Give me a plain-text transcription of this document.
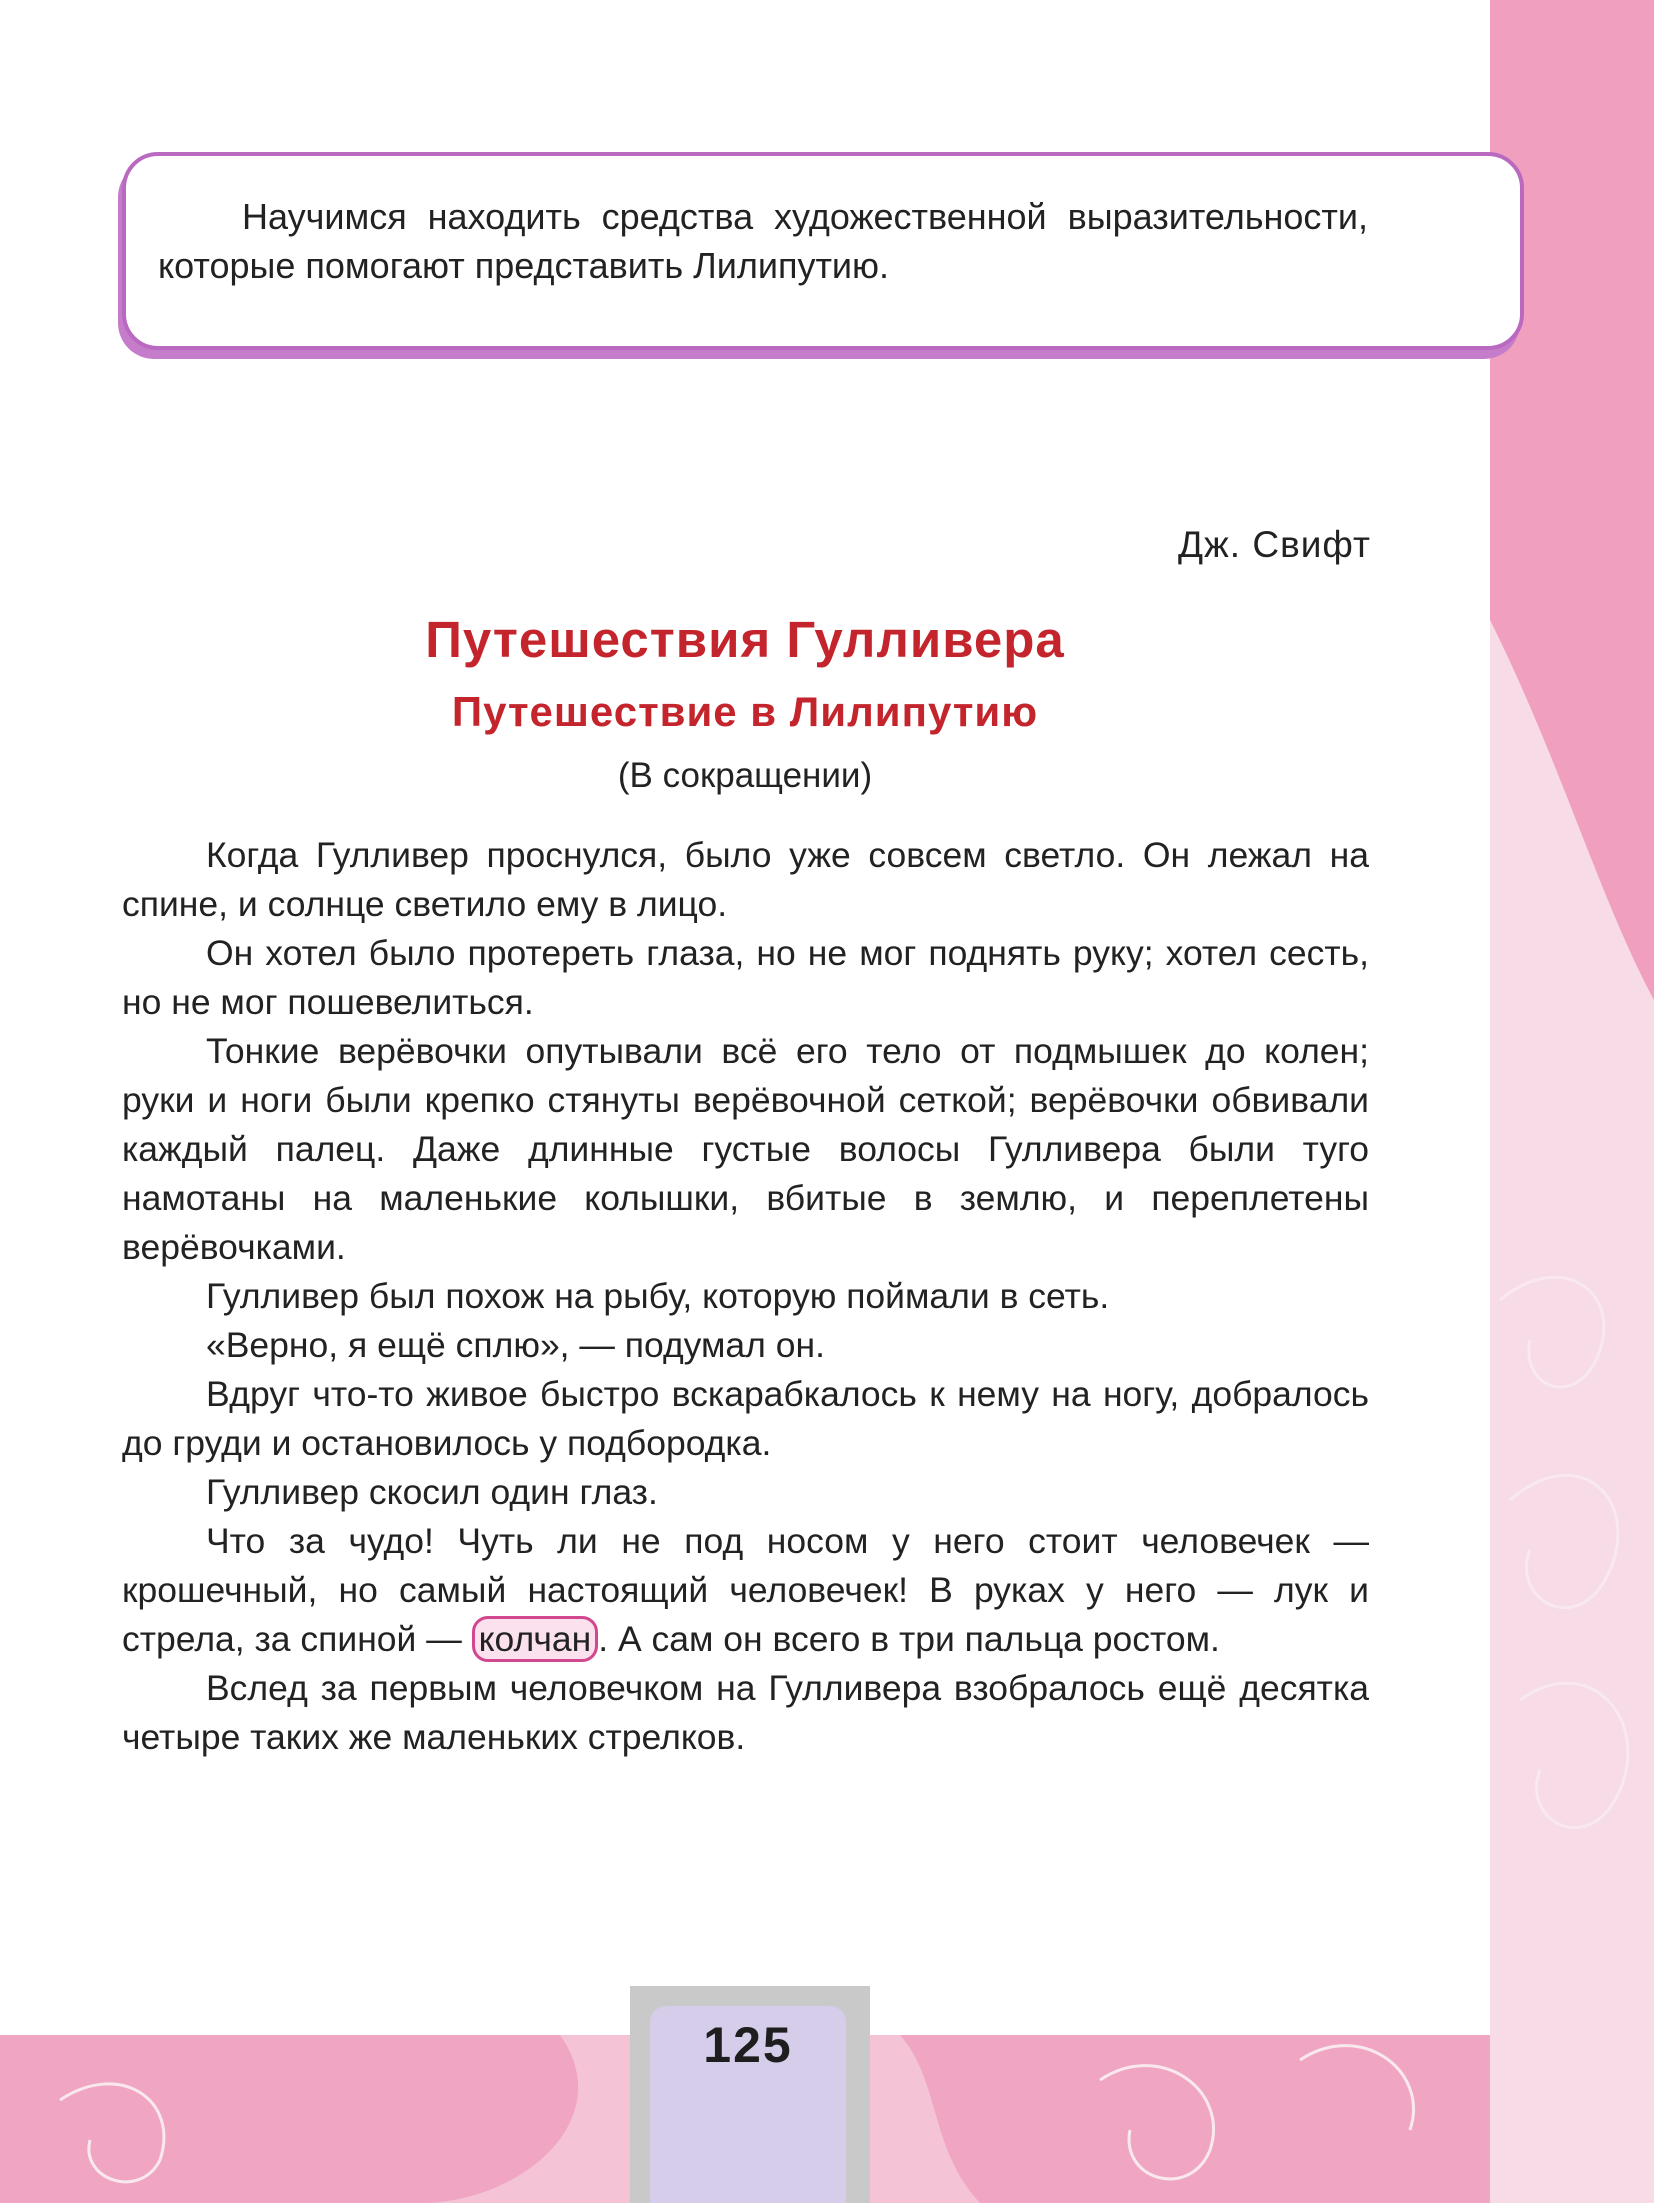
Научимся находить средства художественной выразительности, которые помогают представить Лилипутию.
Дж. Свифт
Путешествия Гулливера
Путешествие в Лилипутию
(В сокращении)

Когда Гулливер проснулся, было уже совсем светло. Он лежал на спине, и солнце светило ему в лицо.

Он хотел было протереть глаза, но не мог поднять руку; хотел сесть, но не мог пошевелиться.

Тонкие верёвочки опутывали всё его тело от подмышек до колен; руки и ноги были крепко стянуты верёвочной сеткой; верёвочки обвивали каждый палец. Даже длинные густые волосы Гулливера были туго намотаны на маленькие колышки, вбитые в землю, и переплетены верёвочками.

Гулливер был похож на рыбу, которую поймали в сеть.

«Верно, я ещё сплю», — подумал он.

Вдруг что-то живое быстро вскарабкалось к нему на ногу, добралось до груди и остановилось у подбородка.

Гулливер скосил один глаз.

Что за чудо! Чуть ли не под носом у него стоит человечек — крошечный, но самый настоящий человечек! В руках у него — лук и стрела, за спиной — колчан . А сам он всего в три пальца ростом.

Вслед за первым человечком на Гулливера взобралось ещё десятка четыре таких же маленьких стрелков.

125
